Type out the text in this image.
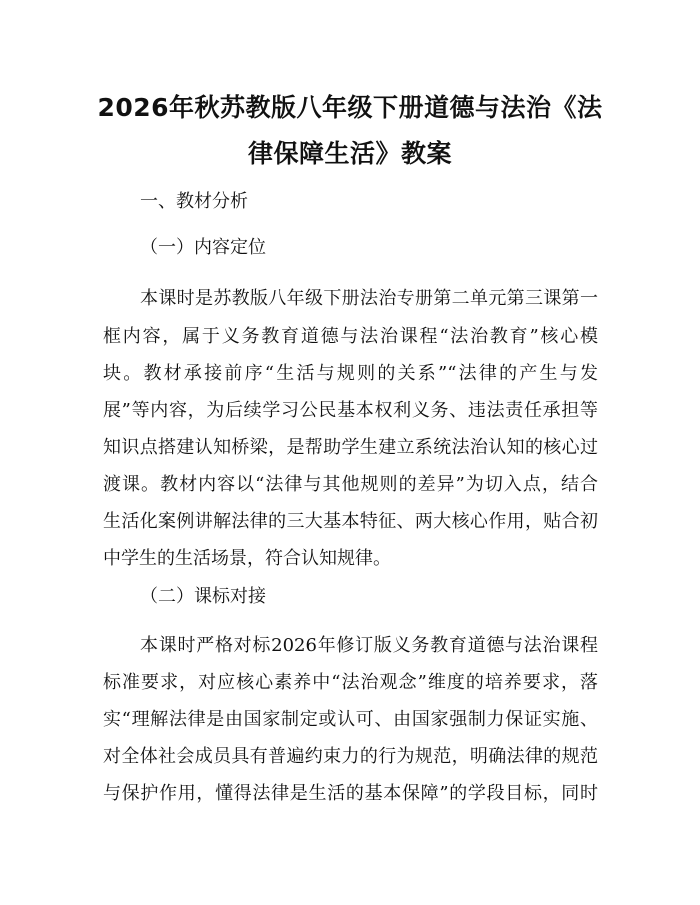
2026年秋苏教版八年级下册道德与法治《法
律保障生活》教案
一、教材分析
（一）内容定位
本课时是苏教版八年级下册法治专册第二单元第三课第一
框内容，属于义务教育道德与法治课程“法治教育”核心模
块。教材承接前序“生活与规则的关系”“法律的产生与发
展”等内容，为后续学习公民基本权利义务、违法责任承担等
知识点搭建认知桥梁，是帮助学生建立系统法治认知的核心过
渡课。教材内容以“法律与其他规则的差异”为切入点，结合
生活化案例讲解法律的三大基本特征、两大核心作用，贴合初
中学生的生活场景，符合认知规律。
（二）课标对接
本课时严格对标2026年修订版义务教育道德与法治课程
标准要求，对应核心素养中“法治观念”维度的培养要求，落
实“理解法律是由国家制定或认可、由国家强制力保证实施、
对全体社会成员具有普遍约束力的行为规范，明确法律的规范
与保护作用，懂得法律是生活的基本保障”的学段目标，同时
